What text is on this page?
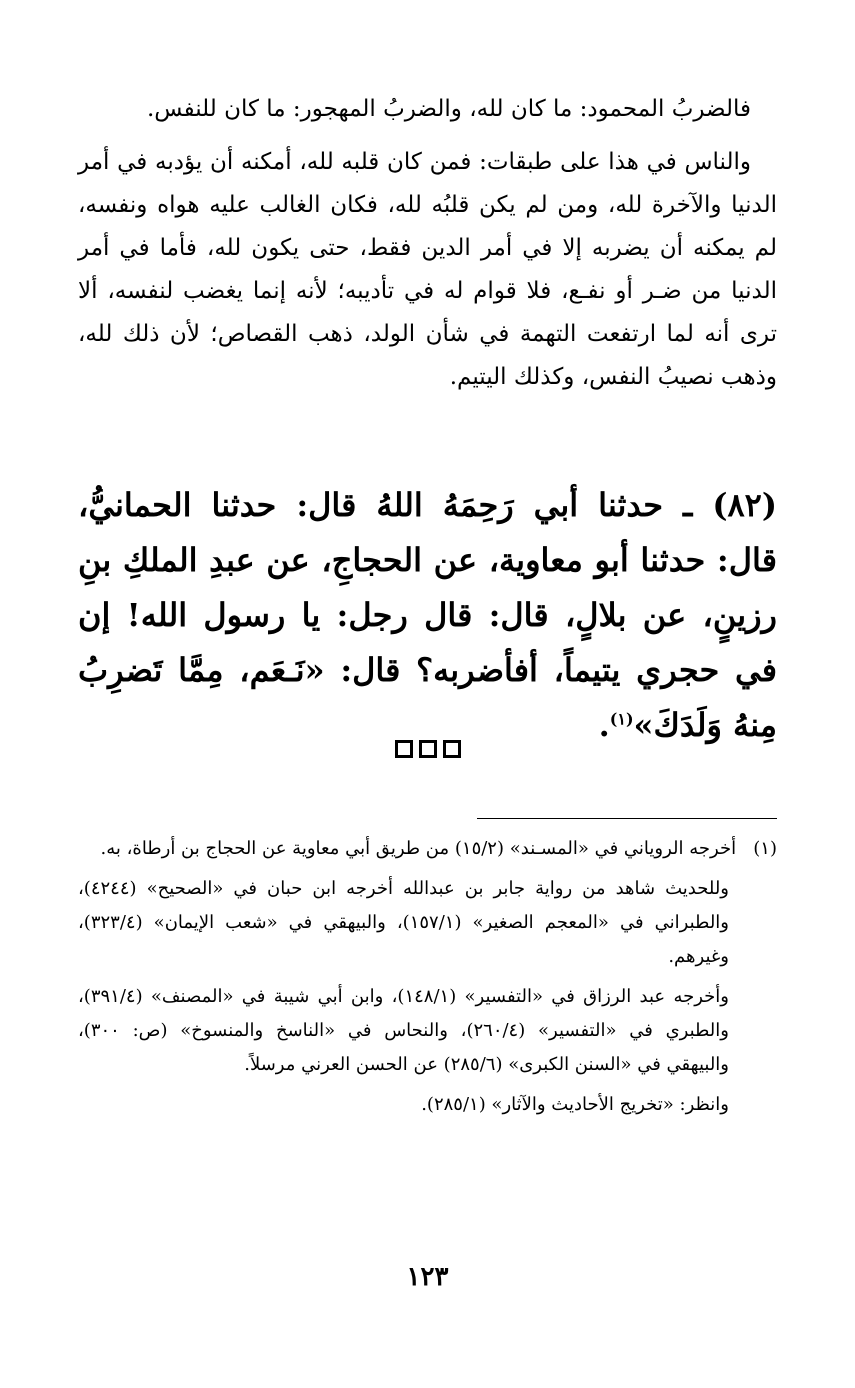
فالضربُ المحمود: ما كان لله، والضربُ المهجور: ما كان للنفس.

والناس في هذا على طبقات: فمن كان قلبه لله، أمكنه أن يؤدبه في أمر الدنيا والآخرة لله، ومن لم يكن قلبُه لله، فكان الغالب عليه هواه ونفسه، لم يمكنه أن يضربه إلا في أمر الدين فقط، حتى يكون لله، فأما في أمر الدنيا من ضـر أو نفـع، فلا قوام له في تأديبه؛ لأنه إنما يغضب لنفسه، ألا ترى أنه لما ارتفعت التهمة في شأن الولد، ذهب القصاص؛ لأن ذلك لله، وذهب نصيبُ النفس، وكذلك اليتيم.

(٨٢) ـ حدثنا أبي رَحِمَهُ اللهُ قال: حدثنا الحمانيُّ، قال: حدثنا أبو معاوية، عن الحجاجِ، عن عبدِ الملكِ بنِ رزينٍ، عن بلالٍ، قال: قال رجل: يا رسول الله! إن في حجري يتيماً، أفأضربه؟ قال: «نَـعَم، مِمَّا تَضرِبُ مِنهُ وَلَدَكَ»$^{(١)}$.

(١)   أخرجه الروياني في «المسـند» (١٥/٢) من طريق أبي معاوية عن الحجاج بن أرطاة، به.

وللحديث شاهد من رواية جابر بن عبدالله أخرجه ابن حبان في «الصحيح» (٤٢٤٤)، والطبراني في «المعجم الصغير» (١٥٧/١)، والبيهقي في «شعب الإيمان» (٣٢٣/٤)، وغيرهم.

وأخرجه عبد الرزاق في «التفسير» (١٤٨/١)، وابن أبي شيبة في «المصنف» (٣٩١/٤)، والطبري في «التفسير» (٢٦٠/٤)، والنحاس في «الناسخ والمنسوخ» (ص: ٣٠٠)، والبيهقي في «السنن الكبرى» (٢٨٥/٦) عن الحسن العرني مرسلاً.

وانظر: «تخريج الأحاديث والآثار» (٢٨٥/١).

١٢٣
